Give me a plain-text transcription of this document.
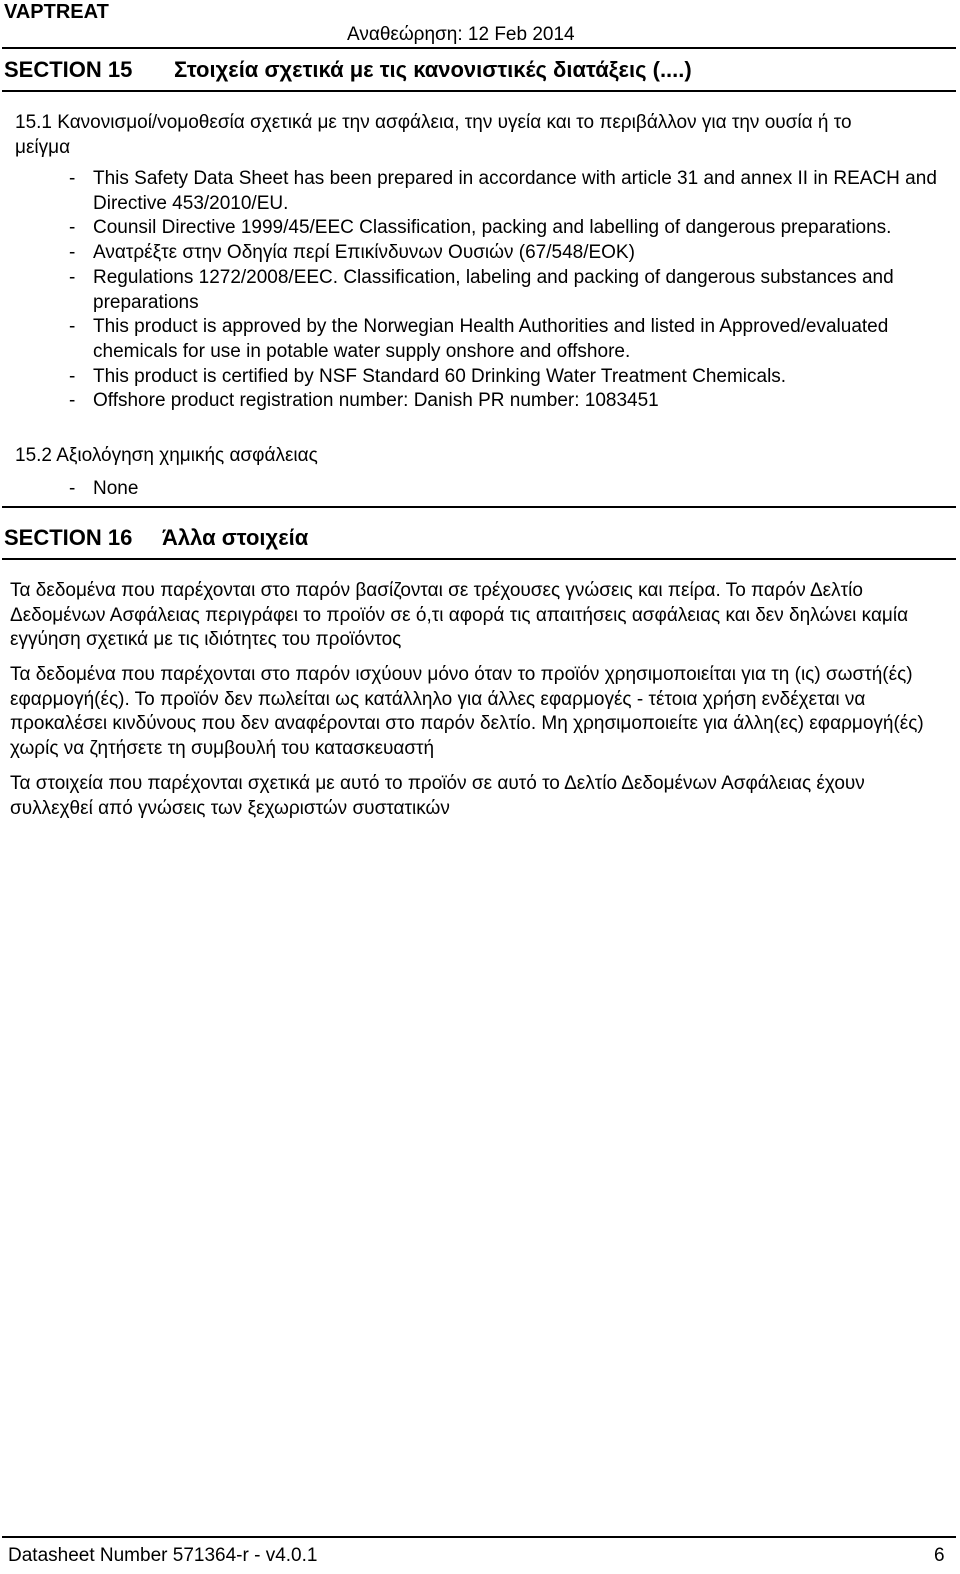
VAPTREAT
Αναθεώρηση: 12 Feb 2014
SECTION 15 Στοιχεία σχετικά με τις κανονιστικές διατάξεις (....)
15.1 Κανονισμοί/νομοθεσία σχετικά με την ασφάλεια, την υγεία και το περιβάλλον για την ουσία ή το
μείγμα
- This Safety Data Sheet has been prepared in accordance with article 31 and annex II in REACH and Directive 453/2010/EU.
- Counsil Directive 1999/45/EEC Classification, packing and labelling of dangerous preparations.
- Ανατρέξτε στην Οδηγία περί Επικίνδυνων Ουσιών (67/548/EOK)
- Regulations 1272/2008/EEC. Classification, labeling and packing of dangerous substances and preparations
- This product is approved by the Norwegian Health Authorities and listed in Approved/evaluated chemicals for use in potable water supply onshore and offshore.
- This product is certified by NSF Standard 60 Drinking Water Treatment Chemicals.
- Offshore product registration number: Danish PR number: 1083451
15.2 Αξιολόγηση χημικής ασφάλειας
- None
SECTION 16 Άλλα στοιχεία
Τα δεδομένα που παρέχονται στο παρόν βασίζονται σε τρέχουσες γνώσεις και πείρα. Το παρόν Δελτίο Δεδομένων Ασφάλειας περιγράφει το προϊόν σε ό,τι αφορά τις απαιτήσεις ασφάλειας και δεν δηλώνει καμία εγγύηση σχετικά με τις ιδιότητες του προϊόντος
Τα δεδομένα που παρέχονται στο παρόν ισχύουν μόνο όταν το προϊόν χρησιμοποιείται για τη (ις) σωστή(ές) εφαρμογή(ές). Το προϊόν δεν πωλείται ως κατάλληλο για άλλες εφαρμογές - τέτοια χρήση ενδέχεται να προκαλέσει κινδύνους που δεν αναφέρονται στο παρόν δελτίο. Μη χρησιμοποιείτε για άλλη(ες) εφαρμογή(ές) χωρίς να ζητήσετε τη συμβουλή του κατασκευαστή
Τα στοιχεία που παρέχονται σχετικά με αυτό το προϊόν σε αυτό το Δελτίο Δεδομένων Ασφάλειας έχουν συλλεχθεί από γνώσεις των ξεχωριστών συστατικών
Datasheet Number 571364-r - v4.0.1	6
